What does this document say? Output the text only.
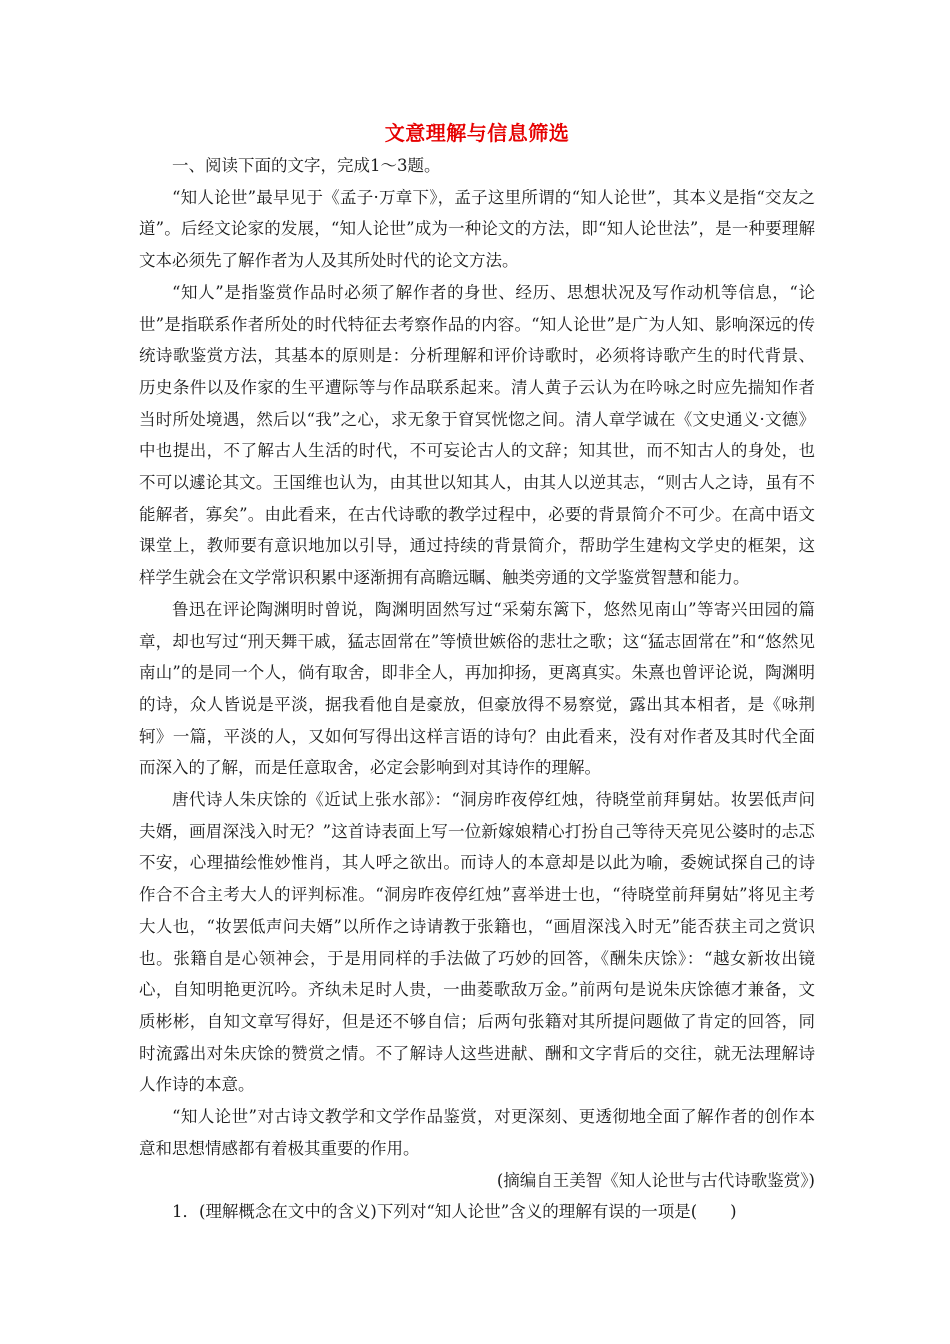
文意理解与信息筛选

一、阅读下面的文字，完成1～3题。

“知人论世”最早见于《孟子·万章下》，孟子这里所谓的“知人论世”，其本义是指“交友之道”。后经文论家的发展，“知人论世”成为一种论文的方法，即“知人论世法”，是一种要理解文本必须先了解作者为人及其所处时代的论文方法。

“知人”是指鉴赏作品时必须了解作者的身世、经历、思想状况及写作动机等信息，“论世”是指联系作者所处的时代特征去考察作品的内容。“知人论世”是广为人知、影响深远的传统诗歌鉴赏方法，其基本的原则是：分析理解和评价诗歌时，必须将诗歌产生的时代背景、历史条件以及作家的生平遭际等与作品联系起来。清人黄子云认为在吟咏之时应先揣知作者当时所处境遇，然后以“我”之心，求无象于窅冥恍惚之间。清人章学诚在《文史通义·文德》中也提出，不了解古人生活的时代，不可妄论古人的文辞；知其世，而不知古人的身处，也不可以遽论其文。王国维也认为，由其世以知其人，由其人以逆其志，“则古人之诗，虽有不能解者，寡矣”。由此看来，在古代诗歌的教学过程中，必要的背景简介不可少。在高中语文课堂上，教师要有意识地加以引导，通过持续的背景简介，帮助学生建构文学史的框架，这样学生就会在文学常识积累中逐渐拥有高瞻远瞩、触类旁通的文学鉴赏智慧和能力。

鲁迅在评论陶渊明时曾说，陶渊明固然写过“采菊东篱下，悠然见南山”等寄兴田园的篇章，却也写过“刑天舞干戚，猛志固常在”等愤世嫉俗的悲壮之歌；这“猛志固常在”和“悠然见南山”的是同一个人，倘有取舍，即非全人，再加抑扬，更离真实。朱熹也曾评论说，陶渊明的诗，众人皆说是平淡，据我看他自是豪放，但豪放得不易察觉，露出其本相者，是《咏荆轲》一篇，平淡的人，又如何写得出这样言语的诗句？由此看来，没有对作者及其时代全面而深入的了解，而是任意取舍，必定会影响到对其诗作的理解。

唐代诗人朱庆馀的《近试上张水部》：“洞房昨夜停红烛，待晓堂前拜舅姑。妆罢低声问夫婿，画眉深浅入时无？”这首诗表面上写一位新嫁娘精心打扮自己等待天亮见公婆时的忐忑不安，心理描绘惟妙惟肖，其人呼之欲出。而诗人的本意却是以此为喻，委婉试探自己的诗作合不合主考大人的评判标准。“洞房昨夜停红烛”喜举进士也，“待晓堂前拜舅姑”将见主考大人也，“妆罢低声问夫婿”以所作之诗请教于张籍也，“画眉深浅入时无”能否获主司之赏识也。张籍自是心领神会，于是用同样的手法做了巧妙的回答，《酬朱庆馀》：“越女新妆出镜心，自知明艳更沉吟。齐纨未足时人贵，一曲菱歌敌万金。”前两句是说朱庆馀德才兼备，文质彬彬，自知文章写得好，但是还不够自信；后两句张籍对其所提问题做了肯定的回答，同时流露出对朱庆馀的赞赏之情。不了解诗人这些进献、酬和文字背后的交往，就无法理解诗人作诗的本意。

“知人论世”对古诗文教学和文学作品鉴赏，对更深刻、更透彻地全面了解作者的创作本意和思想情感都有着极其重要的作用。

(摘编自王美智《知人论世与古代诗歌鉴赏》)

1．(理解概念在文中的含义)下列对“知人论世”含义的理解有误的一项是(　　)
